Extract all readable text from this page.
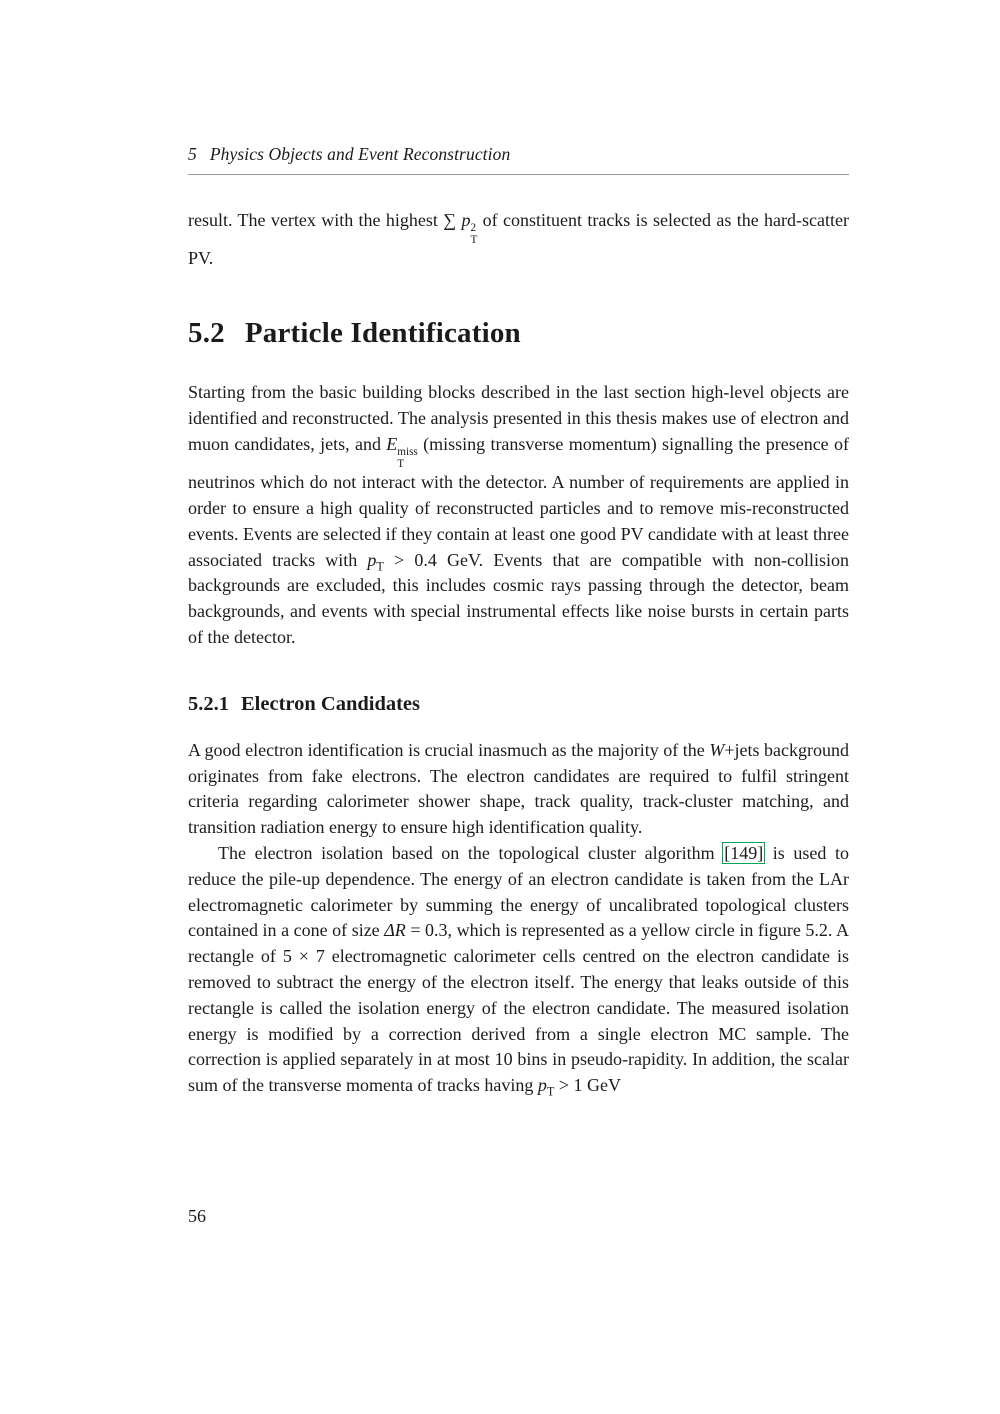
5 Physics Objects and Event Reconstruction

result. The vertex with the highest ∑ p 2
T
of constituent tracks is selected as the hard-scatter PV.

5.2 Particle Identification

Starting from the basic building blocks described in the last section high-level objects are identified and reconstructed. The analysis presented in this thesis makes use of electron and muon candidates, jets, and E miss
T
(missing transverse momentum) signalling the presence of neutrinos which do not interact with the detector. A number of requirements are applied in order to ensure a high quality of reconstructed particles and to remove mis-reconstructed events. Events are selected if they contain at least one good PV candidate with at least three associated tracks with $p_T > 0.4$ GeV. Events that are compatible with non-collision backgrounds are excluded, this includes cosmic rays passing through the detector, beam backgrounds, and events with special instrumental effects like noise bursts in certain parts of the detector.

5.2.1 Electron Candidates

A good electron identification is crucial inasmuch as the majority of the W+jets background originates from fake electrons. The electron candidates are required to fulfil stringent criteria regarding calorimeter shower shape, track quality, track-cluster matching, and transition radiation energy to ensure high identification quality.

The electron isolation based on the topological cluster algorithm [149] is used to reduce the pile-up dependence. The energy of an electron candidate is taken from the LAr electromagnetic calorimeter by summing the energy of uncalibrated topological clusters contained in a cone of size ΔR = 0.3, which is represented as a yellow circle in figure 5.2. A rectangle of 5 × 7 electromagnetic calorimeter cells centred on the electron candidate is removed to subtract the energy of the electron itself. The energy that leaks outside of this rectangle is called the isolation energy of the electron candidate. The measured isolation energy is modified by a correction derived from a single electron MC sample. The correction is applied separately in at most 10 bins in pseudo-rapidity. In addition, the scalar sum of the transverse momenta of tracks having $p_T > 1$ GeV

56
